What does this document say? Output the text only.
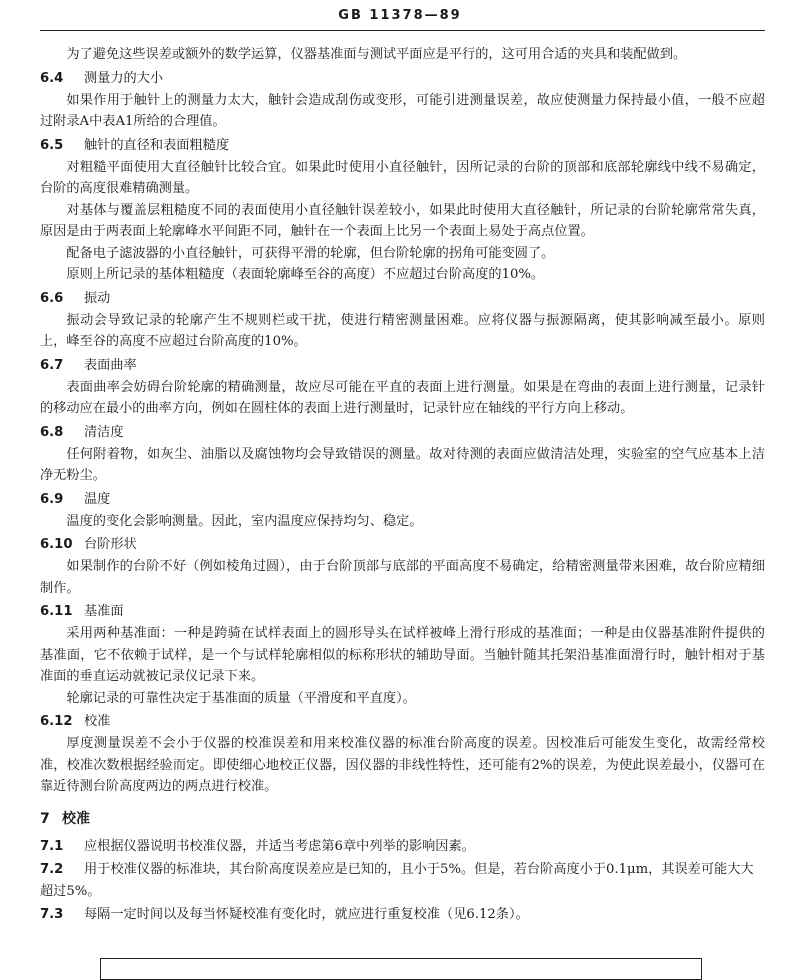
GB 11378—89

为了避免这些误差或额外的数学运算，仪器基准面与测试平面应是平行的，这可用合适的夹具和装配做到。

6.4 测量力的大小

如果作用于触针上的测量力太大，触针会造成刮伤或变形，可能引进测量误差，故应使测量力保持最小值，一般不应超过附录A中表A1所给的合理值。

6.5 触针的直径和表面粗糙度

对粗糙平面使用大直径触针比较合宜。如果此时使用小直径触针，因所记录的台阶的顶部和底部轮廓线中线不易确定，台阶的高度很难精确测量。

对基体与覆盖层粗糙度不同的表面使用小直径触针误差较小，如果此时使用大直径触针，所记录的台阶轮廓常常失真，原因是由于两表面上轮廓峰水平间距不同，触针在一个表面上比另一个表面上易处于高点位置。

配备电子滤波器的小直径触针，可获得平滑的轮廓，但台阶轮廓的拐角可能变圆了。

原则上所记录的基体粗糙度（表面轮廓峰至谷的高度）不应超过台阶高度的10%。

6.6 振动

振动会导致记录的轮廓产生不规则栏或干扰，使进行精密测量困难。应将仪器与振源隔离，使其影响减至最小。原则上，峰至谷的高度不应超过台阶高度的10%。

6.7 表面曲率

表面曲率会妨碍台阶轮廓的精确测量，故应尽可能在平直的表面上进行测量。如果是在弯曲的表面上进行测量，记录针的移动应在最小的曲率方向，例如在圆柱体的表面上进行测量时，记录针应在轴线的平行方向上移动。

6.8 清洁度

任何附着物，如灰尘、油脂以及腐蚀物均会导致错误的测量。故对待测的表面应做清洁处理，实验室的空气应基本上洁净无粉尘。

6.9 温度

温度的变化会影响测量。因此，室内温度应保持均匀、稳定。

6.10 台阶形状

如果制作的台阶不好（例如棱角过圆），由于台阶顶部与底部的平面高度不易确定，给精密测量带来困难，故台阶应精细制作。

6.11 基准面

采用两种基准面：一种是跨骑在试样表面上的圆形导头在试样被峰上滑行形成的基准面；一种是由仪器基准附件提供的基准面，它不依赖于试样，是一个与试样轮廓相似的标称形状的辅助导面。当触针随其托架沿基准面滑行时，触针相对于基准面的垂直运动就被记录仪记录下来。

轮廓记录的可靠性决定于基准面的质量（平滑度和平直度）。

6.12 校准

厚度测量误差不会小于仪器的校准误差和用来校准仪器的标准台阶高度的误差。因校准后可能发生变化，故需经常校准，校准次数根据经验而定。即使细心地校正仪器，因仪器的非线性特性，还可能有2%的误差，为使此误差最小，仪器可在靠近待测台阶高度两边的两点进行校准。

7 校准
7.1 应根据仪器说明书校准仪器，并适当考虑第6章中列举的影响因素。
7.2 用于校准仪器的标准块，其台阶高度误差应是已知的，且小于5%。但是，若台阶高度小于0.1μm，其误差可能大大超过5%。
7.3 每隔一定时间以及每当怀疑校准有变化时，就应进行重复校准（见6.12条）。
